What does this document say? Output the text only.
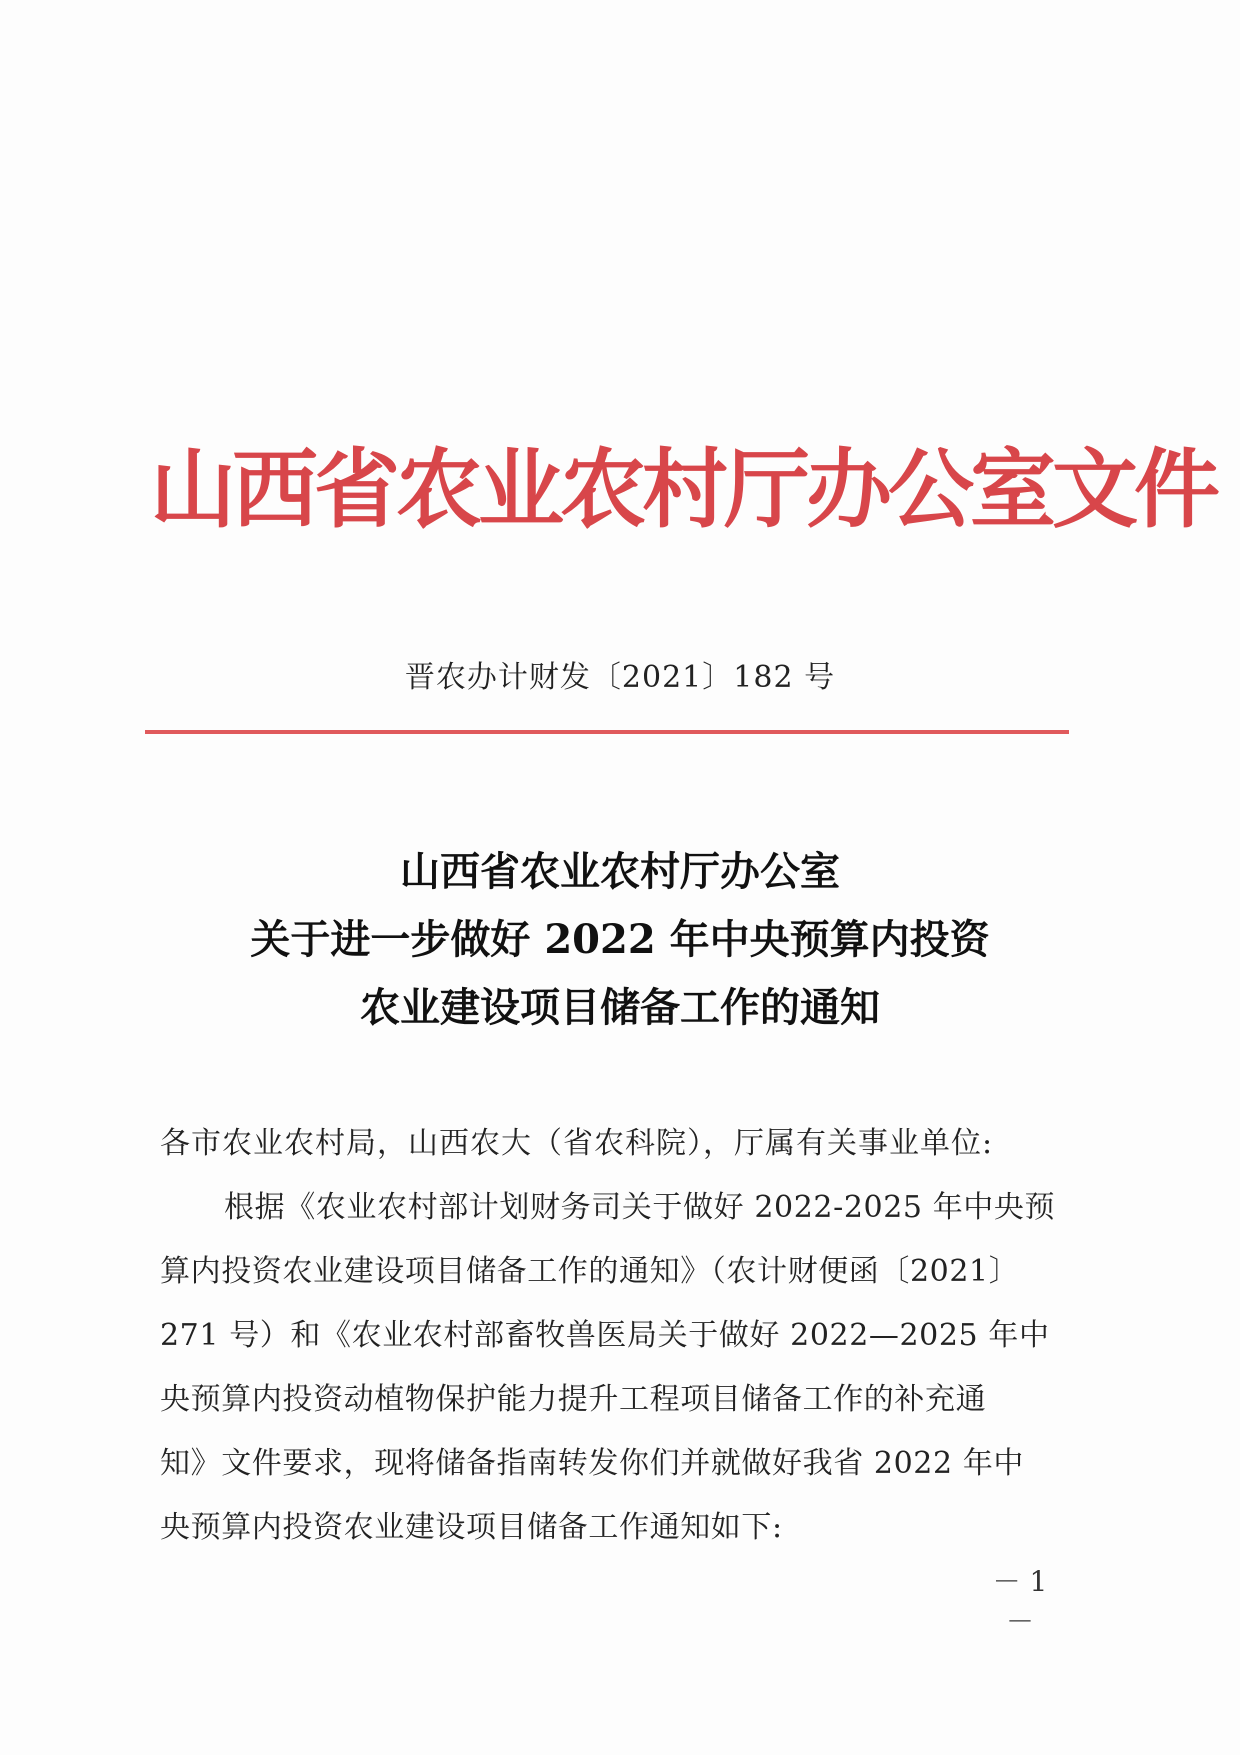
山西省农业农村厅办公室文件
晋农办计财发〔2021〕182 号
山西省农业农村厅办公室
关于进一步做好 2022 年中央预算内投资
农业建设项目储备工作的通知
各市农业农村局，山西农大（省农科院），厅属有关事业单位:
根据《农业农村部计划财务司关于做好 2022-2025 年中央预
算内投资农业建设项目储备工作的通知》（农计财便函〔2021〕
271 号）和《农业农村部畜牧兽医局关于做好 2022—2025 年中
央预算内投资动植物保护能力提升工程项目储备工作的补充通
知》文件要求，现将储备指南转发你们并就做好我省 2022 年中
央预算内投资农业建设项目储备工作通知如下:
－ 1 －
